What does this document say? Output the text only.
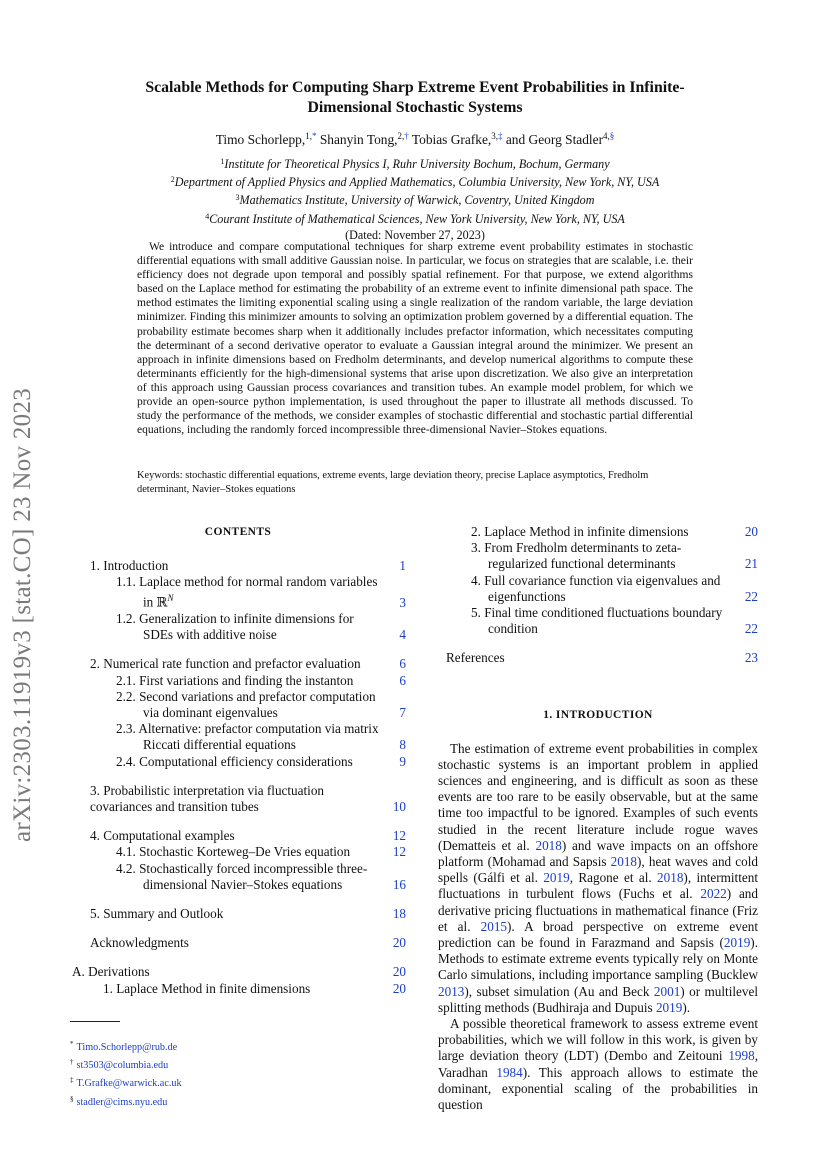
arXiv:2303.11919v3 [stat.CO] 23 Nov 2023
Scalable Methods for Computing Sharp Extreme Event Probabilities in Infinite-Dimensional Stochastic Systems
Timo Schorlepp,$^{1,*}$ Shanyin Tong,$^{2,\dagger}$ Tobias Grafke,$^{3,\ddagger}$ and Georg Stadler$^{4,\S}$
$^1$Institute for Theoretical Physics I, Ruhr University Bochum, Bochum, Germany
$^2$Department of Applied Physics and Applied Mathematics, Columbia University, New York, NY, USA
$^3$Mathematics Institute, University of Warwick, Coventry, United Kingdom
$^4$Courant Institute of Mathematical Sciences, New York University, New York, NY, USA
(Dated: November 27, 2023)
We introduce and compare computational techniques for sharp extreme event probability estimates in stochastic differential equations with small additive Gaussian noise. In particular, we focus on strategies that are scalable, i.e. their efficiency does not degrade upon temporal and possibly spatial refinement. For that purpose, we extend algorithms based on the Laplace method for estimating the probability of an extreme event to infinite dimensional path space. The method estimates the limiting exponential scaling using a single realization of the random variable, the large deviation minimizer. Finding this minimizer amounts to solving an optimization problem governed by a differential equation. The probability estimate becomes sharp when it additionally includes prefactor information, which necessitates computing the determinant of a second derivative operator to evaluate a Gaussian integral around the minimizer. We present an approach in infinite dimensions based on Fredholm determinants, and develop numerical algorithms to compute these determinants efficiently for the high-dimensional systems that arise upon discretization. We also give an interpretation of this approach using Gaussian process covariances and transition tubes. An example model problem, for which we provide an open-source python implementation, is used throughout the paper to illustrate all methods discussed. To study the performance of the methods, we consider examples of stochastic differential and stochastic partial differential equations, including the randomly forced incompressible three-dimensional Navier–Stokes equations.
Keywords: stochastic differential equations, extreme events, large deviation theory, precise Laplace asymptotics, Fredholm determinant, Navier–Stokes equations
CONTENTS
1. Introduction	1
1.1. Laplace method for normal random variables in ℝ$^N$	3
1.2. Generalization to infinite dimensions for SDEs with additive noise	4
2. Numerical rate function and prefactor evaluation	6
2.1. First variations and finding the instanton	6
2.2. Second variations and prefactor computation via dominant eigenvalues	7
2.3. Alternative: prefactor computation via matrix Riccati differential equations	8
2.4. Computational efficiency considerations	9
3. Probabilistic interpretation via fluctuation covariances and transition tubes	10
4. Computational examples	12
4.1. Stochastic Korteweg–De Vries equation	12
4.2. Stochastically forced incompressible three-dimensional Navier–Stokes equations	16
5. Summary and Outlook	18
Acknowledgments	20
A. Derivations	20
1. Laplace Method in finite dimensions	20
2. Laplace Method in infinite dimensions	20
3. From Fredholm determinants to zeta-regularized functional determinants	21
4. Full covariance function via eigenvalues and eigenfunctions	22
5. Final time conditioned fluctuations boundary condition	22
References	23
1. INTRODUCTION

The estimation of extreme event probabilities in complex stochastic systems is an important problem in applied sciences and engineering, and is difficult as soon as these events are too rare to be easily observable, but at the same time too impactful to be ignored. Examples of such events studied in the recent literature include rogue waves (Dematteis et al. 2018) and wave impacts on an offshore platform (Mohamad and Sapsis 2018), heat waves and cold spells (Gálfi et al. 2019, Ragone et al. 2018), intermittent fluctuations in turbulent flows (Fuchs et al. 2022) and derivative pricing fluctuations in mathematical finance (Friz et al. 2015). A broad perspective on extreme event prediction can be found in Farazmand and Sapsis (2019). Methods to estimate extreme events typically rely on Monte Carlo simulations, including importance sampling (Bucklew 2013), subset simulation (Au and Beck 2001) or multilevel splitting methods (Budhiraja and Dupuis 2019).

A possible theoretical framework to assess extreme event probabilities, which we will follow in this work, is given by large deviation theory (LDT) (Dembo and Zeitouni 1998, Varadhan 1984). This approach allows to estimate the dominant, exponential scaling of the probabilities in question

* Timo.Schorlepp@rub.de
† st3503@columbia.edu
‡ T.Grafke@warwick.ac.uk
§ stadler@cims.nyu.edu
